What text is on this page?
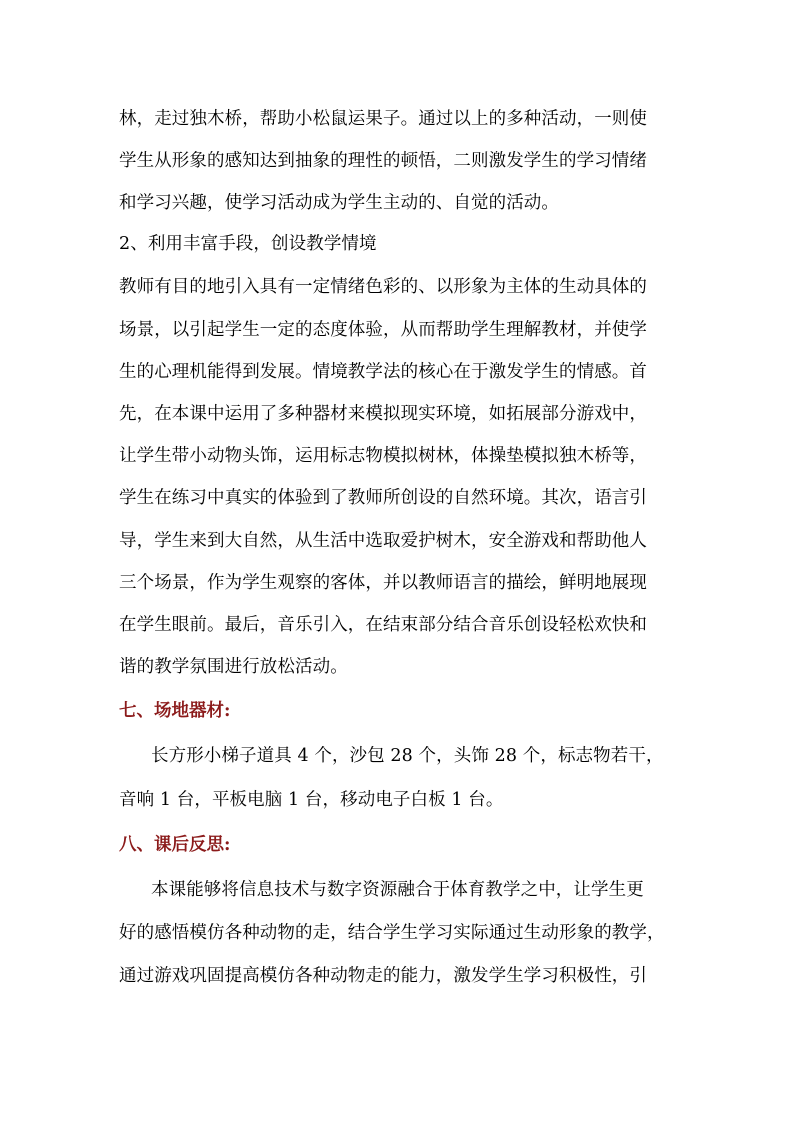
林，走过独木桥，帮助小松鼠运果子。通过以上的多种活动，一则使
学生从形象的感知达到抽象的理性的顿悟，二则激发学生的学习情绪
和学习兴趣，使学习活动成为学生主动的、自觉的活动。
2、利用丰富手段，创设教学情境
教师有目的地引入具有一定情绪色彩的、以形象为主体的生动具体的
场景，以引起学生一定的态度体验，从而帮助学生理解教材，并使学
生的心理机能得到发展。情境教学法的核心在于激发学生的情感。首
先，在本课中运用了多种器材来模拟现实环境，如拓展部分游戏中，
让学生带小动物头饰，运用标志物模拟树林，体操垫模拟独木桥等，
学生在练习中真实的体验到了教师所创设的自然环境。其次，语言引
导，学生来到大自然，从生活中选取爱护树木，安全游戏和帮助他人
三个场景，作为学生观察的客体，并以教师语言的描绘，鲜明地展现
在学生眼前。最后，音乐引入，在结束部分结合音乐创设轻松欢快和
谐的教学氛围进行放松活动。
七、场地器材:
长方形小梯子道具 4 个，沙包 28 个，头饰 28 个，标志物若干，
音响 1 台，平板电脑 1 台，移动电子白板 1 台。
八、课后反思:
本课能够将信息技术与数字资源融合于体育教学之中，让学生更
好的感悟模仿各种动物的走，结合学生学习实际通过生动形象的教学，
通过游戏巩固提高模仿各种动物走的能力，激发学生学习积极性，引
